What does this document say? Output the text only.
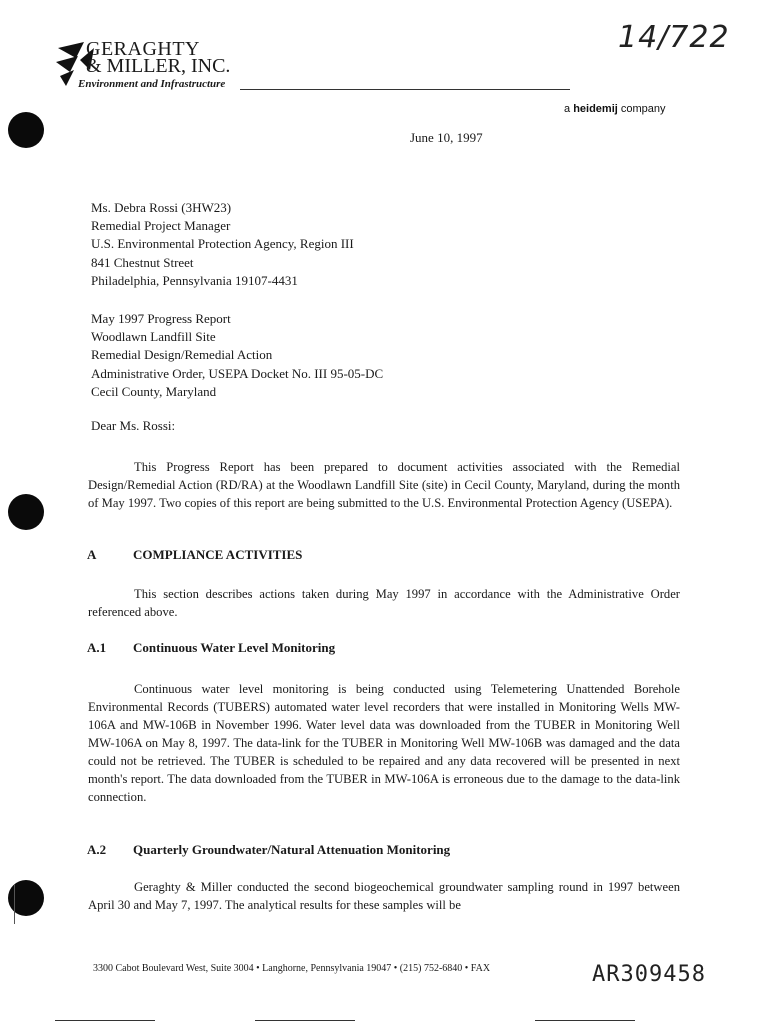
GERAGHTY
& MILLER, INC.
Environment and Infrastructure
14/722
a heidemij company
June 10, 1997
Ms. Debra Rossi (3HW23)
Remedial Project Manager
U.S. Environmental Protection Agency, Region III
841 Chestnut Street
Philadelphia, Pennsylvania 19107-4431
May 1997 Progress Report
Woodlawn Landfill Site
Remedial Design/Remedial Action
Administrative Order, USEPA Docket No. III 95-05-DC
Cecil County, Maryland
Dear Ms. Rossi:

This Progress Report has been prepared to document activities associated with the Remedial Design/Remedial Action (RD/RA) at the Woodlawn Landfill Site (site) in Cecil County, Maryland, during the month of May 1997. Two copies of this report are being submitted to the U.S. Environmental Protection Agency (USEPA).

A	COMPLIANCE ACTIVITIES

This section describes actions taken during May 1997 in accordance with the Administrative Order referenced above.

A.1 Continuous Water Level Monitoring

Continuous water level monitoring is being conducted using Telemetering Unattended Borehole Environmental Records (TUBERS) automated water level recorders that were installed in Monitoring Wells MW-106A and MW-106B in November 1996. Water level data was downloaded from the TUBER in Monitoring Well MW-106A on May 8, 1997. The data-link for the TUBER in Monitoring Well MW-106B was damaged and the data could not be retrieved. The TUBER is scheduled to be repaired and any data recovered will be presented in next month's report. The data downloaded from the TUBER in MW-106A is erroneous due to the damage to the data-link connection.

A.2 Quarterly Groundwater/Natural Attenuation Monitoring

Geraghty & Miller conducted the second biogeochemical groundwater sampling round in 1997 between April 30 and May 7, 1997. The analytical results for these samples will be

3300 Cabot Boulevard West, Suite 3004 • Langhorne, Pennsylvania 19047 • (215) 752-6840 • FAX	AR309458
